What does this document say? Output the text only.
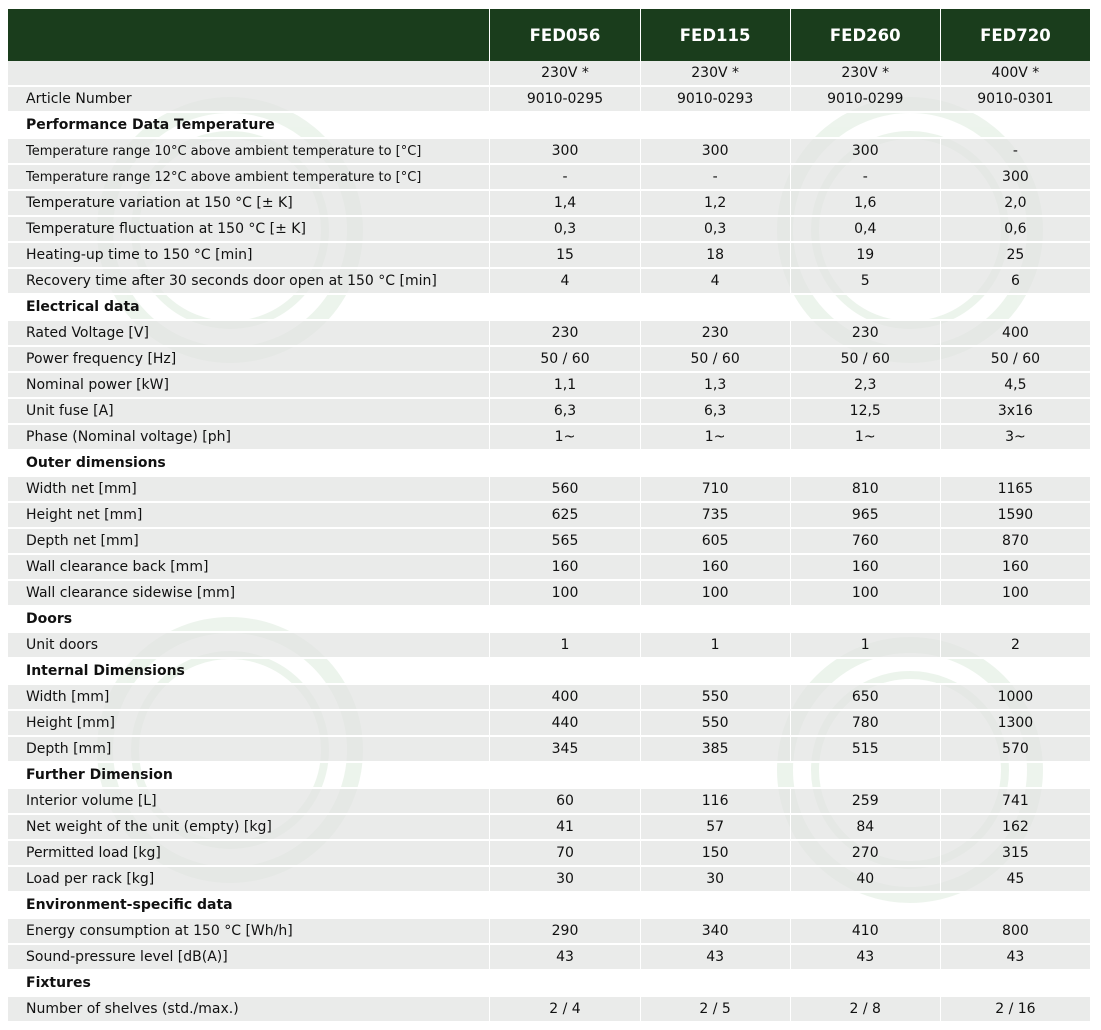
	FED056	FED115	FED260	FED720
	230V *	230V *	230V *	400V *
Article Number	9010-0295	9010-0293	9010-0299	9010-0301
Performance Data Temperature				
Temperature range 10°C above ambient temperature to [°C]	300	300	300	-
Temperature range 12°C above ambient temperature to [°C]	-	-	-	300
Temperature variation at 150 °C [± K]	1,4	1,2	1,6	2,0
Temperature fluctuation at 150 °C [± K]	0,3	0,3	0,4	0,6
Heating-up time to 150 °C [min]	15	18	19	25
Recovery time after 30 seconds door open at 150 °C [min]	4	4	5	6
Electrical data				
Rated Voltage [V]	230	230	230	400
Power frequency [Hz]	50 / 60	50 / 60	50 / 60	50 / 60
Nominal power [kW]	1,1	1,3	2,3	4,5
Unit fuse [A]	6,3	6,3	12,5	3x16
Phase (Nominal voltage) [ph]	1~	1~	1~	3~
Outer dimensions				
Width net [mm]	560	710	810	1165
Height net [mm]	625	735	965	1590
Depth net [mm]	565	605	760	870
Wall clearance back [mm]	160	160	160	160
Wall clearance sidewise [mm]	100	100	100	100
Doors				
Unit doors	1	1	1	2
Internal Dimensions				
Width [mm]	400	550	650	1000
Height [mm]	440	550	780	1300
Depth [mm]	345	385	515	570
Further Dimension				
Interior volume [L]	60	116	259	741
Net weight of the unit (empty) [kg]	41	57	84	162
Permitted load [kg]	70	150	270	315
Load per rack [kg]	30	30	40	45
Environment-specific data				
Energy consumption at 150 °C [Wh/h]	290	340	410	800
Sound-pressure level [dB(A)]	43	43	43	43
Fixtures				
Number of shelves (std./max.)	2 / 4	2 / 5	2 / 8	2 / 16
